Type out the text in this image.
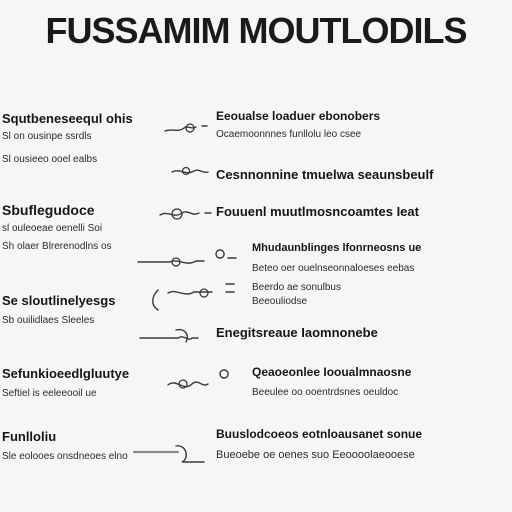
FUSSAMIM MOUTLODILS
Squtbeneseequl ohis
Sl on ousinpe ssrdls
Sl ousieeo ooel ealbs
Sbuflegudoce
sl ouleoeae oenelli Soi
Sh olaer Blrerenodlns os
Se sloutlinelyesgs
Sb ouilidlaes Sleeles
Sefunkioeedlgluutye
Seftiel is eeleeooil ue
Funlloliu
Sle eolooes onsdneoes elno
Eeoualse loaduer ebonobers
Ocaemoonnnes funllolu leo csee
Cesnnonnine tmuelwa seaunsbeulf
Fouuenl muutlmosncoamtes Ieat
Mhudaunblinges lfonrneosns ue
Beteo oer ouelnseonnaloeses eebas
Beerdo ae sonulbus
Beeouliodse
Enegitsreaue Iaomnonebe
Qeaoeonlee Iooualmnaosne
Beeulee oo ooentrdsnes oeuldoc
Buuslodcoeos eotnloausanet sonue
Bueoebe oe oenes suo Eeoooolaeooese
